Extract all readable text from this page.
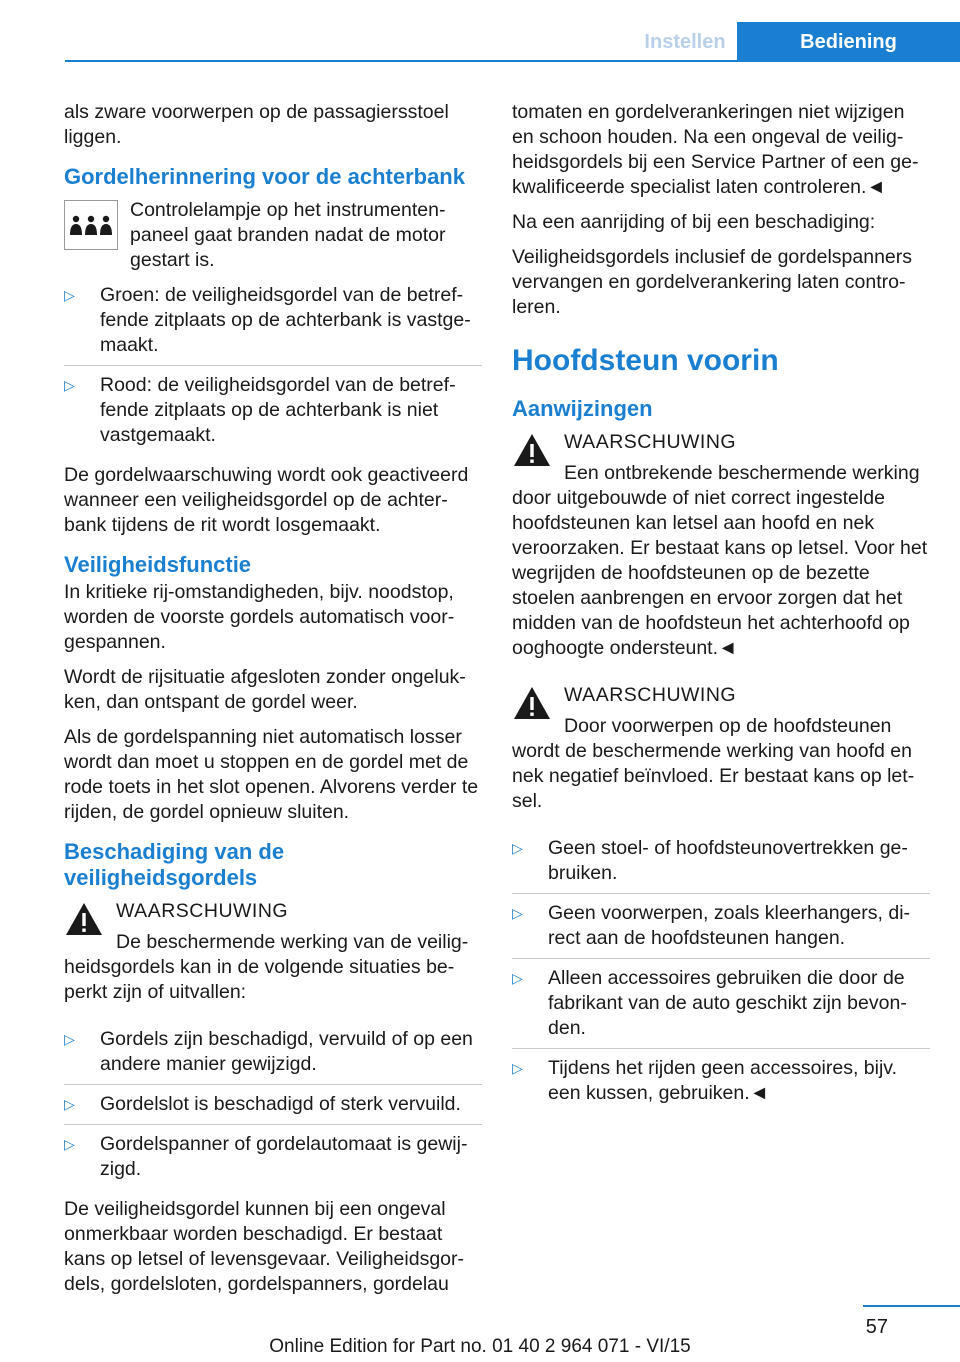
Instellen	Bediening

als zware voorwerpen op de passagiersstoel liggen.

Gordelherinnering voor de achterbank

Controlelampje op het instrumentenpaneel gaat branden nadat de motor gestart is.

▷ Groen: de veiligheidsgordel van de betreffende zitplaats op de achterbank is vastgemaakt.
▷ Rood: de veiligheidsgordel van de betreffende zitplaats op de achterbank is niet vastgemaakt.

De gordelwaarschuwing wordt ook geactiveerd wanneer een veiligheidsgordel op de achterbank tijdens de rit wordt losgemaakt.

Veiligheidsfunctie

In kritieke rij-omstandigheden, bijv. noodstop, worden de voorste gordels automatisch voorgespannen.

Wordt de rijsituatie afgesloten zonder ongelukken, dan ontspant de gordel weer.

Als de gordelspanning niet automatisch losser wordt dan moet u stoppen en de gordel met de rode toets in het slot openen. Alvorens verder te rijden, de gordel opnieuw sluiten.

Beschadiging van de veiligheidsgordels
WAARSCHUWING

De beschermende werking van de veiligheidsgordels kan in de volgende situaties beperkt zijn of uitvallen:

▷ Gordels zijn beschadigd, vervuild of op een andere manier gewijzigd.
▷ Gordelslot is beschadigd of sterk vervuild.
▷ Gordelspanner of gordelautomaat is gewijzigd.

De veiligheidsgordel kunnen bij een ongeval onmerkbaar worden beschadigd. Er bestaat kans op letsel of levensgevaar. Veiligheidsgordels, gordelsloten, gordelspanners, gordelau

tomaten en gordelverankeringen niet wijzigen en schoon houden. Na een ongeval de veiligheidsgordels bij een Service Partner of een gekwalificeerde specialist laten controleren.◄

Na een aanrijding of bij een beschadiging:

Veiligheidsgordels inclusief de gordelspanners vervangen en gordelverankering laten controleren.

Hoofdsteun voorin
Aanwijzingen
WAARSCHUWING

Een ontbrekende beschermende werking door uitgebouwde of niet correct ingestelde hoofdsteunen kan letsel aan hoofd en nek veroorzaken. Er bestaat kans op letsel. Voor het wegrijden de hoofdsteunen op de bezette stoelen aanbrengen en ervoor zorgen dat het midden van de hoofdsteun het achterhoofd op ooghoogte ondersteunt.◄

WAARSCHUWING

Door voorwerpen op de hoofdsteunen wordt de beschermende werking van hoofd en nek negatief beïnvloed. Er bestaat kans op letsel.

▷ Geen stoel- of hoofdsteunovertrekken gebruiken.
▷ Geen voorwerpen, zoals kleerhangers, direct aan de hoofdsteunen hangen.
▷ Alleen accessoires gebruiken die door de fabrikant van de auto geschikt zijn bevonden.
▷ Tijdens het rijden geen accessoires, bijv. een kussen, gebruiken.◄
57
Online Edition for Part no. 01 40 2 964 071 - VI/15
